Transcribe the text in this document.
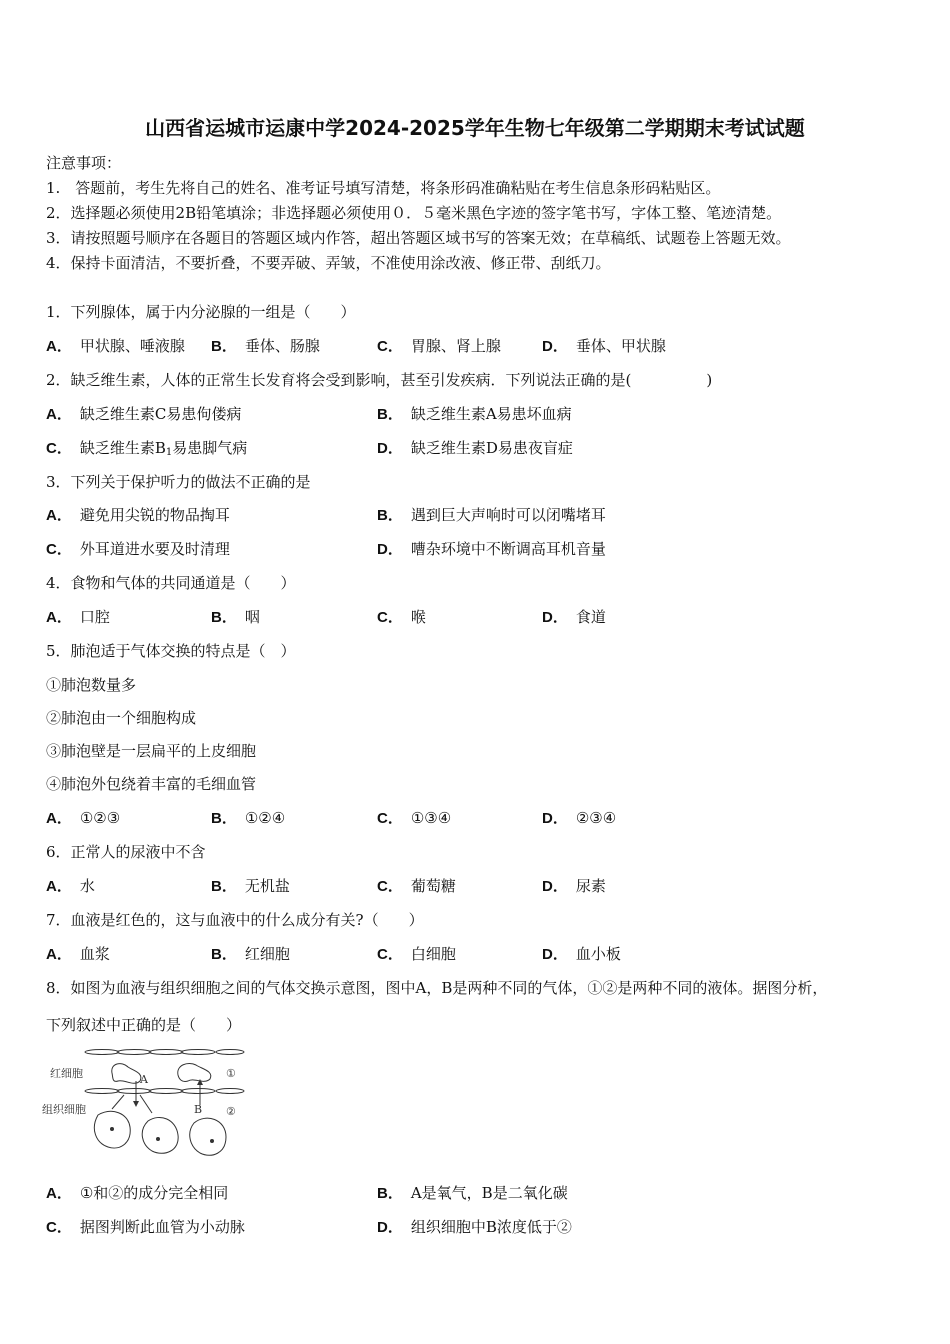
山西省运城市运康中学2024-2025学年生物七年级第二学期期末考试试题
注意事项：
1.　答题前，考生先将自己的姓名、准考证号填写清楚，将条形码准确粘贴在考生信息条形码粘贴区。
2．选择题必须使用2B铅笔填涂；非选择题必须使用０．５毫米黑色字迹的签字笔书写，字体工整、笔迹清楚。
3．请按照题号顺序在各题目的答题区域内作答，超出答题区域书写的答案无效；在草稿纸、试题卷上答题无效。
4．保持卡面清洁，不要折叠，不要弄破、弄皱，不准使用涂改液、修正带、刮纸刀。
1．下列腺体，属于内分泌腺的一组是（　　）
A． 甲状腺、唾液腺 B． 垂体、肠腺	C． 胃腺、肾上腺	D． 垂体、甲状腺
2．缺乏维生素，人体的正常生长发育将会受到影响，甚至引发疾病．下列说法正确的是(　　　　　)
A． 缺乏维生素C易患佝偻病	B． 缺乏维生素A易患坏血病
C． 缺乏维生素$B_1$易患脚气病	D． 缺乏维生素D易患夜盲症
3．下列关于保护听力的做法不正确的是
A． 避免用尖锐的物品掏耳	B． 遇到巨大声响时可以闭嘴堵耳
C． 外耳道进水要及时清理	D． 嘈杂环境中不断调高耳机音量
4．食物和气体的共同通道是（　　）
A． 口腔	B． 咽	C． 喉	D． 食道
5．肺泡适于气体交换的特点是（　）
①肺泡数量多
②肺泡由一个细胞构成
③肺泡壁是一层扁平的上皮细胞
④肺泡外包绕着丰富的毛细血管
A． ①②③	B． ①②④	C． ①③④	D． ②③④
6．正常人的尿液中不含
A． 水	B． 无机盐	C． 葡萄糖	D． 尿素
7．血液是红色的，这与血液中的什么成分有关?（　　）
A． 血浆	B． 红细胞	C． 白细胞	D． 血小板
8．如图为血液与组织细胞之间的气体交换示意图，图中A，B是两种不同的气体，①②是两种不同的液体。据图分析，
下列叙述中正确的是（　　）
红细胞
组织细胞
A
B
①
②
A． ①和②的成分完全相同	B． A是氧气，B是二氧化碳
C． 据图判断此血管为小动脉	D． 组织细胞中B浓度低于②
